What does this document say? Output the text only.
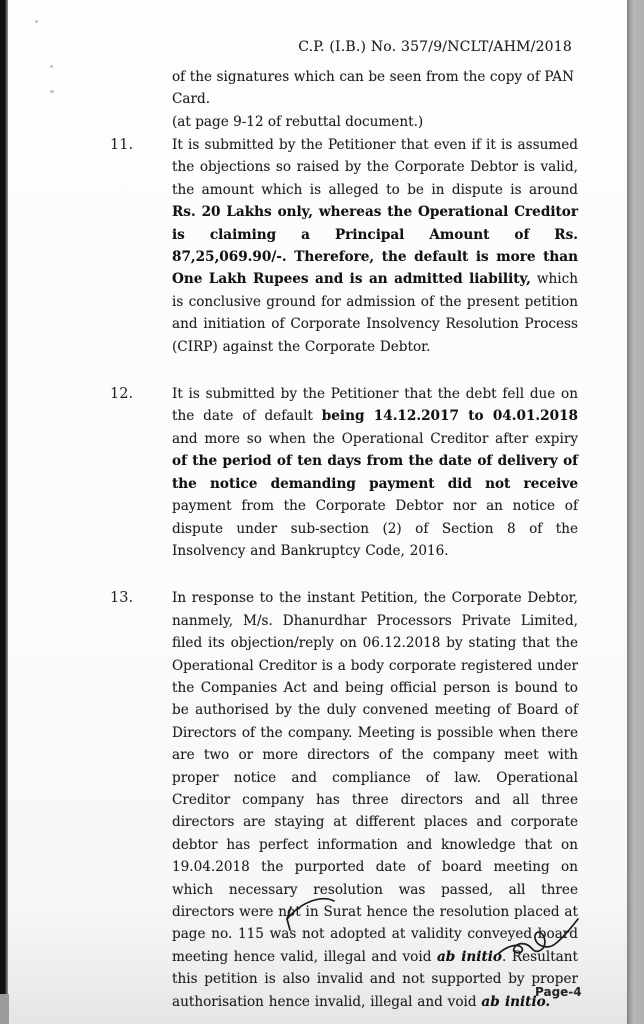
C.P. (I.B.) No. 357/9/NCLT/AHM/2018
of the signatures which can be seen from the copy of PAN Card.
(at page 9-12 of rebuttal document.)
11.	It is submitted by the Petitioner that even if it is assumed the objections so raised by the Corporate Debtor is valid, the amount which is alleged to be in dispute is around Rs. 20 Lakhs only, whereas the Operational Creditor is claiming a Principal Amount of Rs. 87,25,069.90/-. Therefore, the default is more than One Lakh Rupees and is an admitted liability, which is conclusive ground for admission of the present petition and initiation of Corporate Insolvency Resolution Process (CIRP) against the Corporate Debtor.
12.	It is submitted by the Petitioner that the debt fell due on the date of default being 14.12.2017 to 04.01.2018 and more so when the Operational Creditor after expiry of the period of ten days from the date of delivery of the notice demanding payment did not receive payment from the Corporate Debtor nor an notice of dispute under sub-section (2) of Section 8 of the Insolvency and Bankruptcy Code, 2016.
13.	In response to the instant Petition, the Corporate Debtor, nanmely, M/s. Dhanurdhar Processors Private Limited, filed its objection/reply on 06.12.2018 by stating that the Operational Creditor is a body corporate registered under the Companies Act and being official person is bound to be authorised by the duly convened meeting of Board of Directors of the company. Meeting is possible when there are two or more directors of the company meet with proper notice and compliance of law. Operational Creditor company has three directors and all three directors are staying at different places and corporate debtor has perfect information and knowledge that on 19.04.2018 the purported date of board meeting on which necessary resolution was passed, all three directors were not in Surat hence the resolution placed at page no. 115 was not adopted at validity conveyed board meeting hence valid, illegal and void ab initio. Resultant this petition is also invalid and not supported by proper authorisation hence invalid, illegal and void ab initio.
Page-4
